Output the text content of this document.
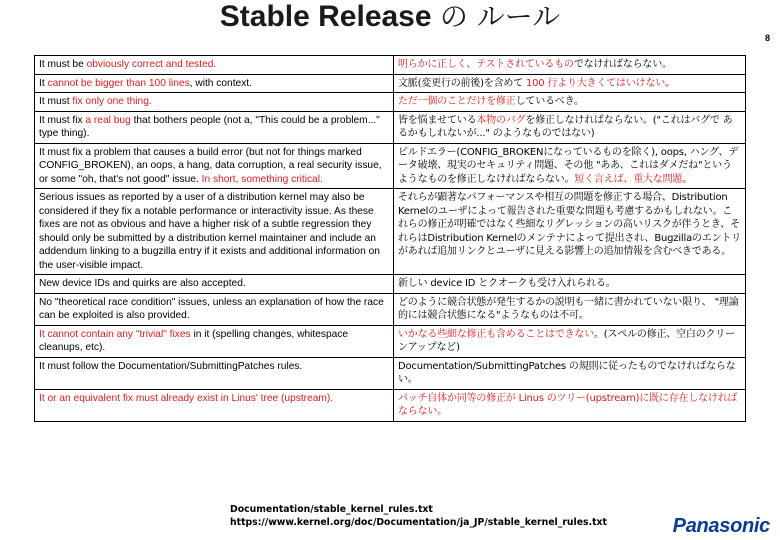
Stable Release の ルール
8
It must be obviously correct and tested.	明らかに正しく、テストされているものでなければならない。
It cannot be bigger than 100 lines, with context.	文脈(変更行の前後)を含めて 100 行より大きくてはいけない。
It must fix only one thing.	ただ一個のことだけを修正しているべき。
It must fix a real bug that bothers people (not a, "This could be a problem..." type thing).	皆を悩ませている本物のバグを修正しなければならない。("これはバグで あるかもしれないが..." のようなものではない)
It must fix a problem that causes a build error (but not for things marked CONFIG_BROKEN), an oops, a hang, data corruption, a real security issue, or some "oh, that's not good" issue. In short, something critical.	ビルドエラー(CONFIG_BROKENになっているものを除く), oops, ハング、データ破壊、現実のセキュリティ問題、その他 "ああ、これはダメだね"という ようなものを修正しなければならない。短く言えば、重大な問題。
Serious issues as reported by a user of a distribution kernel may also be considered if they fix a notable performance or interactivity issue. As these fixes are not as obvious and have a higher risk of a subtle regression they should only be submitted by a distribution kernel maintainer and include an addendum linking to a bugzilla entry if it exists and additional information on the user-visible impact.	それらが顕著なパフォーマンスや相互の問題を修正する場合、Distribution Kernelのユーザによって報告された重要な問題も考慮するかもしれない。これらの修正が明確ではなく些細なリグレッションの高いリスクが伴うとき、それらはDistribution Kernelのメンテナによって提出され、Bugzillaのエントリがあれば追加リンクとユーザに見える影響上の追加情報を含むべきである。
New device IDs and quirks are also accepted.	新しい device ID とクオークも受け入れられる。
No "theoretical race condition" issues, unless an explanation of how the race can be exploited is also provided.	どのように競合状態が発生するかの説明も一緒に書かれていない限り、 "理論的には競合状態になる"ようなものは不可。
It cannot contain any "trivial" fixes in it (spelling changes, whitespace cleanups, etc).	いかなる些細な修正も含めることはできない。(スペルの修正、空白のクリー ンアップなど)
It must follow the Documentation/SubmittingPatches rules.	Documentation/SubmittingPatches の規則に従ったものでなければならない。
It or an equivalent fix must already exist in Linus' tree (upstream).	パッチ自体か同等の修正が Linus のツリー(upstream)に既に存在しなければならない。
Documentation/stable_kernel_rules.txt
https://www.kernel.org/doc/Documentation/ja_JP/stable_kernel_rules.txt	Panasonic
